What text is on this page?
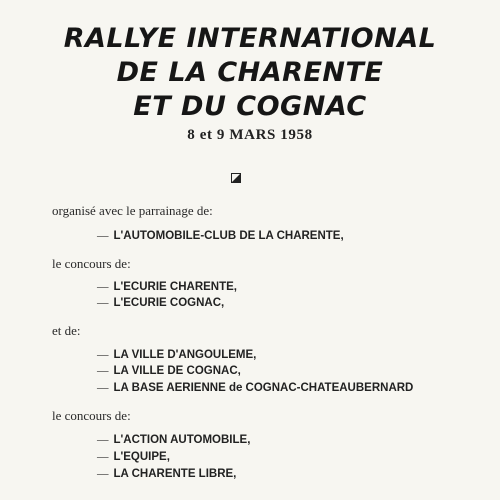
RALLYE INTERNATIONAL
DE LA CHARENTE
ET DU COGNAC
8 et 9 MARS 1958
organisé avec le parrainage de:
— L'AUTOMOBILE-CLUB DE LA CHARENTE,
le concours de:
— L'ECURIE CHARENTE,
— L'ECURIE COGNAC,
et de:
— LA VILLE D'ANGOULEME,
— LA VILLE DE COGNAC,
— LA BASE AERIENNE de COGNAC-CHATEAUBERNARD
le concours de:
— L'ACTION AUTOMOBILE,
— L'EQUIPE,
— LA CHARENTE LIBRE,
